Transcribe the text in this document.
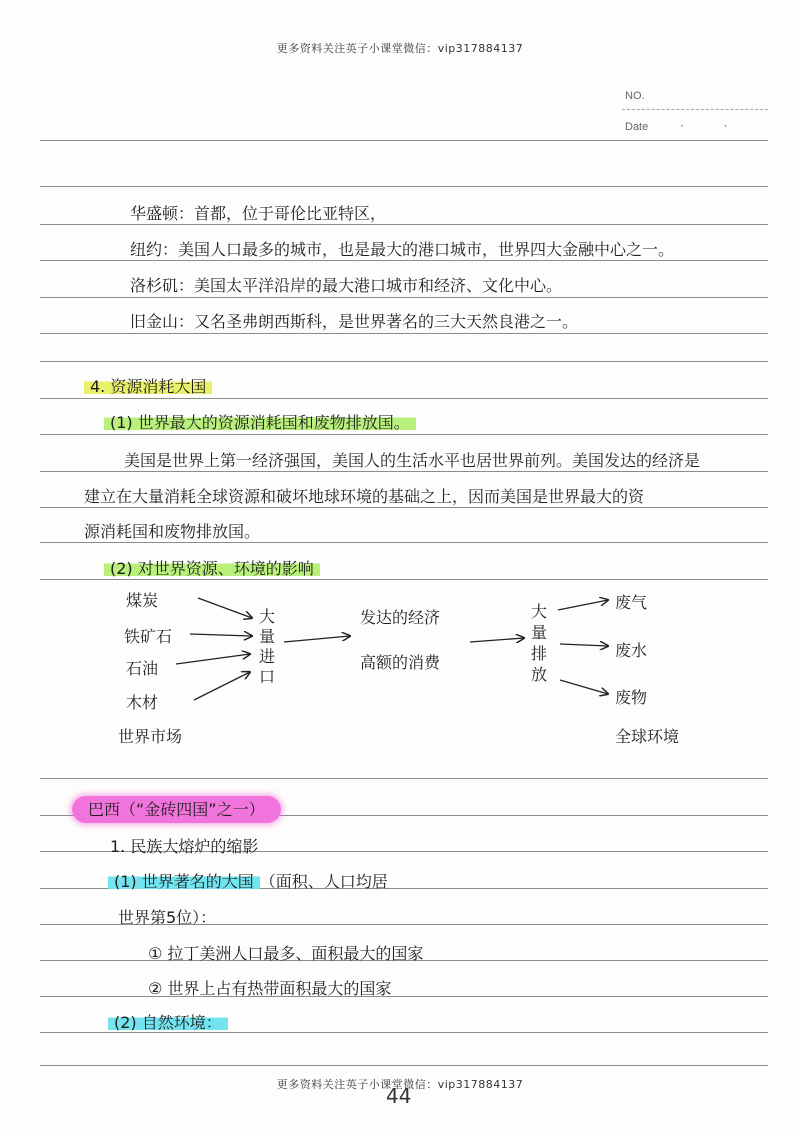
更多资料关注英子小课堂微信：vip317884137
NO.
Date	· ·
华盛顿：首都，位于哥伦比亚特区，
纽约：美国人口最多的城市，也是最大的港口城市，世界四大金融中心之一。
洛杉矶：美国太平洋沿岸的最大港口城市和经济、文化中心。
旧金山：又名圣弗朗西斯科，是世界著名的三大天然良港之一。
4. 资源消耗大国
(1) 世界最大的资源消耗国和废物排放国。
美国是世界上第一经济强国，美国人的生活水平也居世界前列。美国发达的经济是
建立在大量消耗全球资源和破坏地球环境的基础之上，因而美国是世界最大的资
源消耗国和废物排放国。
(2) 对世界资源、环境的影响
煤炭
铁矿石
石油
木材
大
量
进
口
发达的经济
高额的消费
大
量
排
放
废气
废水
废物
世界市场	全球环境
巴西（“金砖四国”之一）
1. 民族大熔炉的缩影
(1) 世界著名的大国 （面积、人口均居
世界第5位）：
① 拉丁美洲人口最多、面积最大的国家
② 世界上占有热带面积最大的国家
(2) 自然环境：
更多资料关注英子小课堂微信：vip317884137
44
